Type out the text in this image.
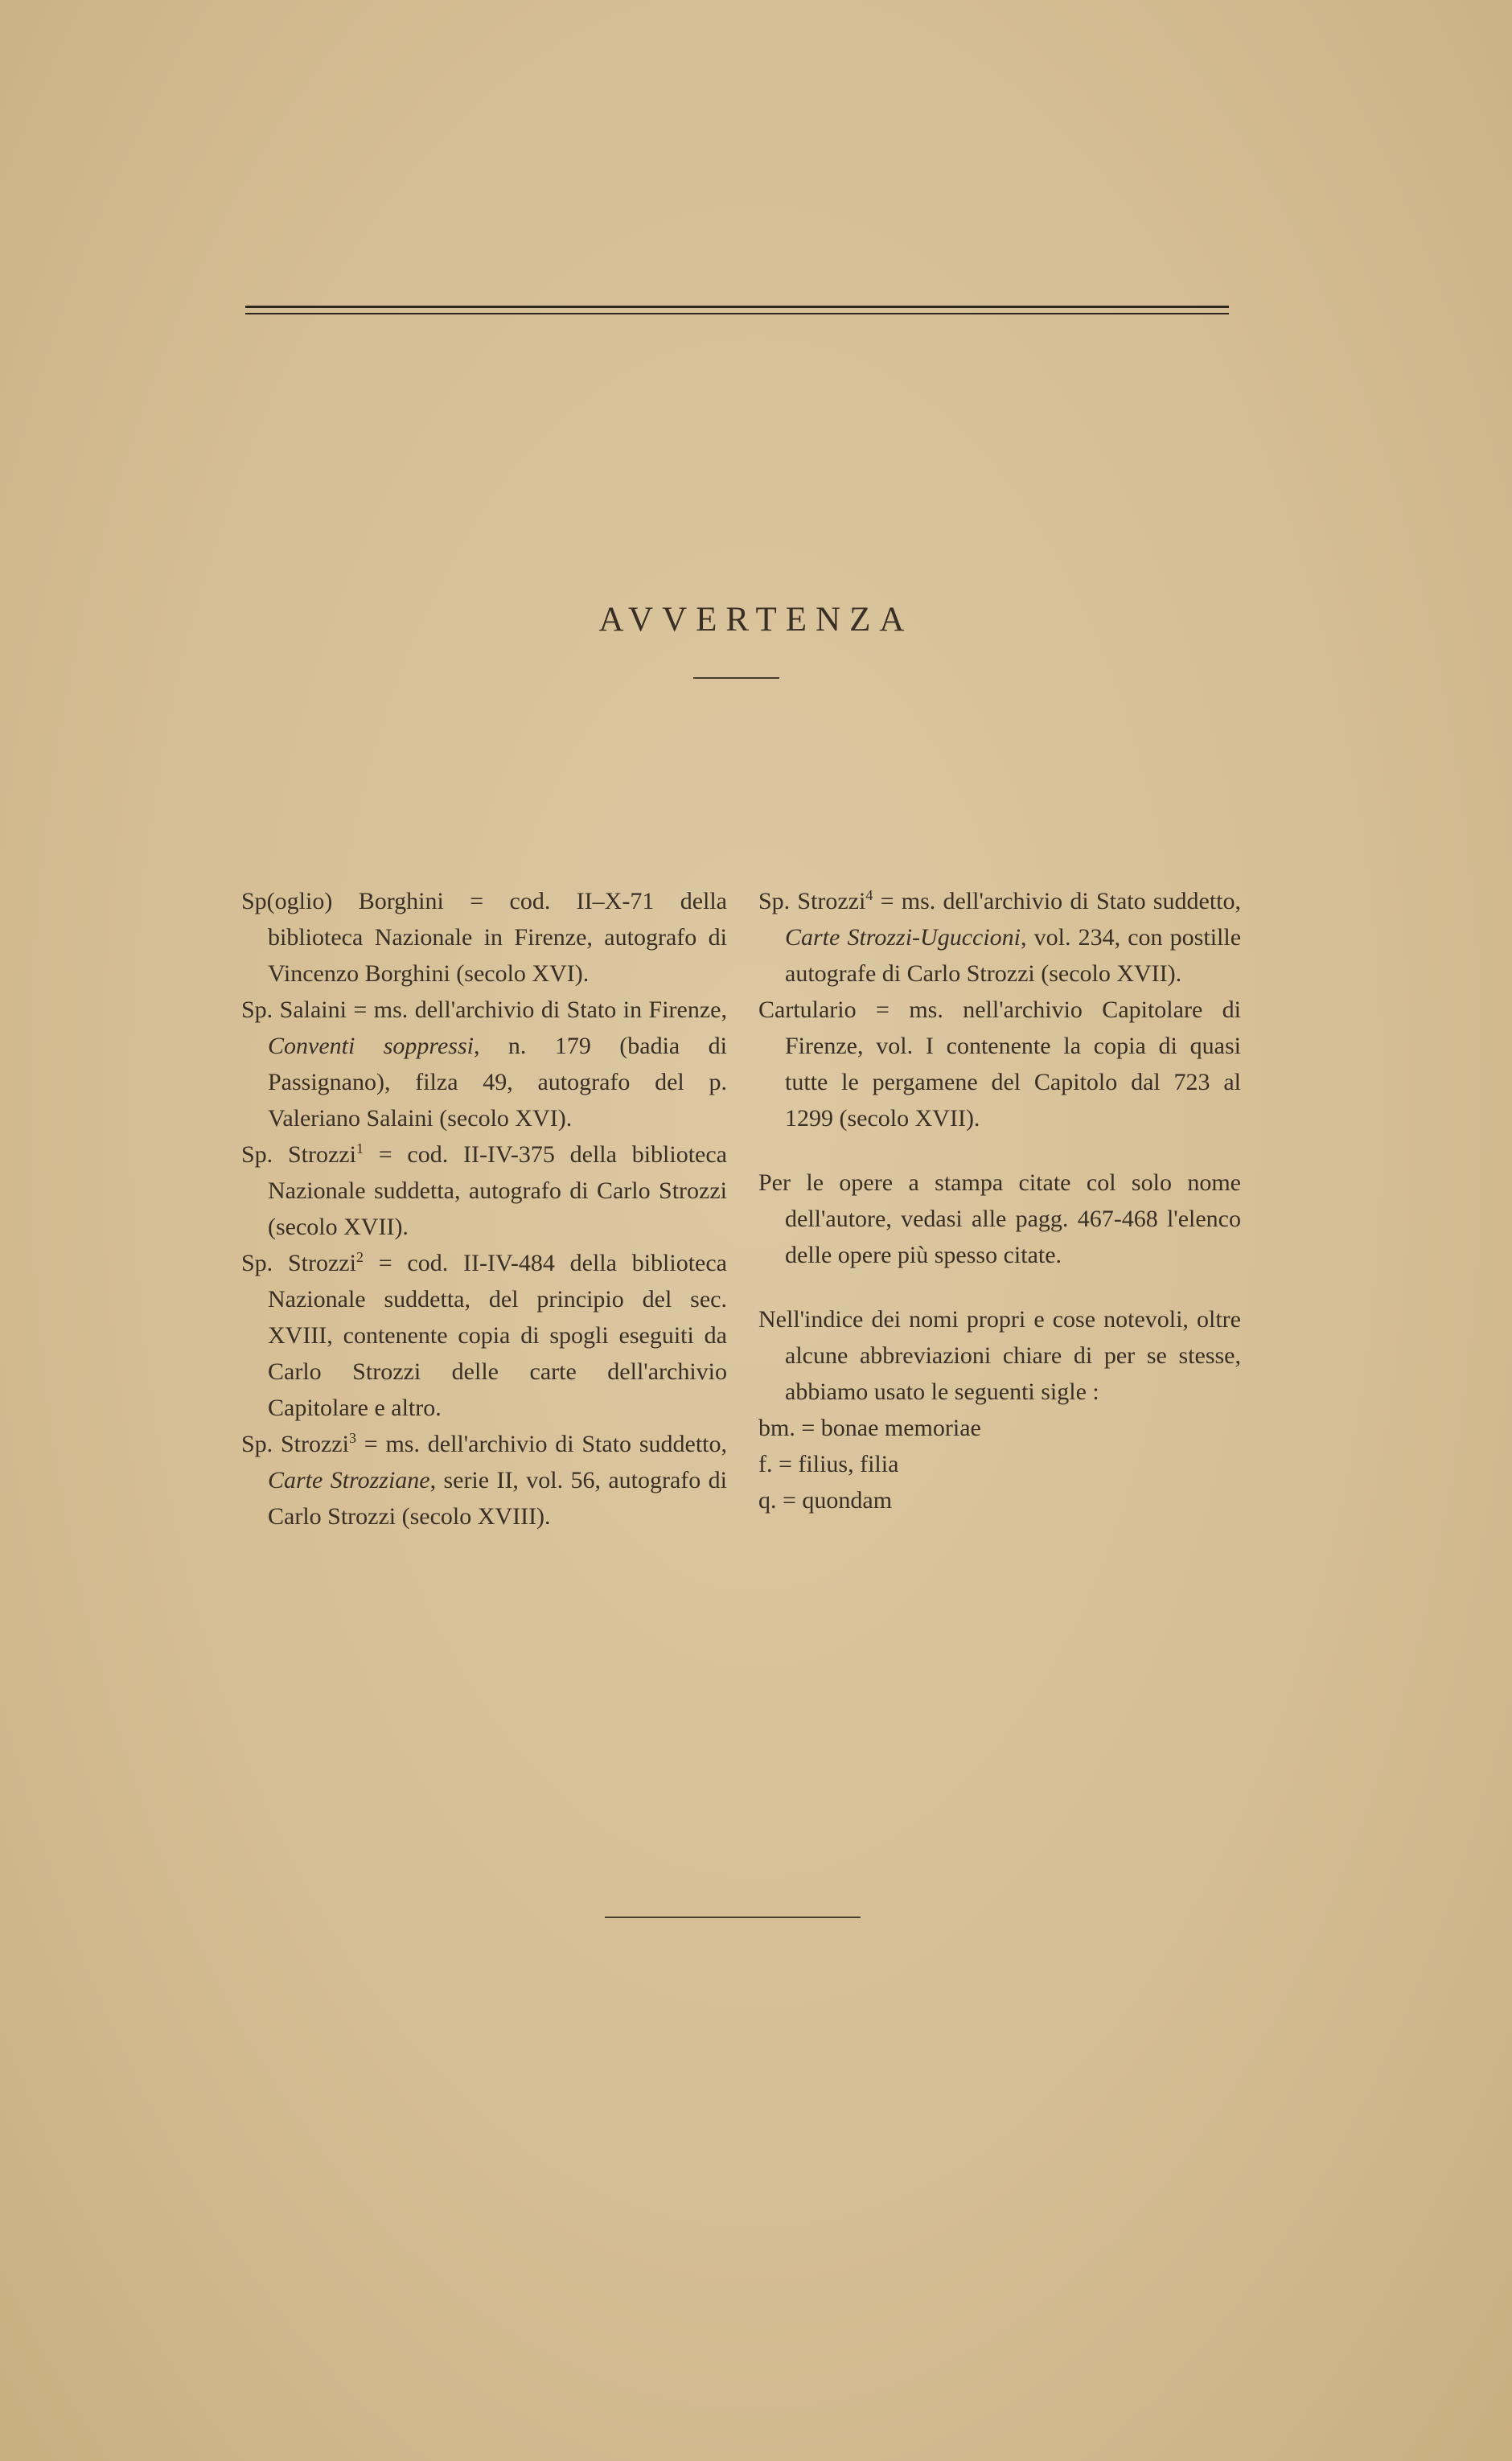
AVVERTENZA

Sp(oglio) Borghini = cod. II–X-71 della biblioteca Nazionale in Firenze, autografo di Vincenzo Borghini (secolo XVI).

Sp. Salaini = ms. dell'archivio di Stato in Firenze, Conventi soppressi, n. 179 (badia di Passignano), filza 49, autografo del p. Valeriano Salaini (secolo XVI).

Sp. Strozzi$^1$ = cod. II-IV-375 della biblioteca Nazionale suddetta, autografo di Carlo Strozzi (secolo XVII).

Sp. Strozzi$^2$ = cod. II-IV-484 della biblioteca Nazionale suddetta, del principio del sec. XVIII, contenente copia di spogli eseguiti da Carlo Strozzi delle carte dell'archivio Capitolare e altro.

Sp. Strozzi$^3$ = ms. dell'archivio di Stato suddetto, Carte Strozziane, serie II, vol. 56, autografo di Carlo Strozzi (secolo XVIII).

Sp. Strozzi$^4$ = ms. dell'archivio di Stato suddetto, Carte Strozzi-Uguccioni, vol. 234, con postille autografe di Carlo Strozzi (secolo XVII).

Cartulario = ms. nell'archivio Capitolare di Firenze, vol. I contenente la copia di quasi tutte le pergamene del Capitolo dal 723 al 1299 (secolo XVII).

Per le opere a stampa citate col solo nome dell'autore, vedasi alle pagg. 467-468 l'elenco delle opere più spesso citate.

Nell'indice dei nomi propri e cose notevoli, oltre alcune abbreviazioni chiare di per se stesse, abbiamo usato le seguenti sigle :

bm. = bonae memoriae

f. = filius, filia

q. = quondam
